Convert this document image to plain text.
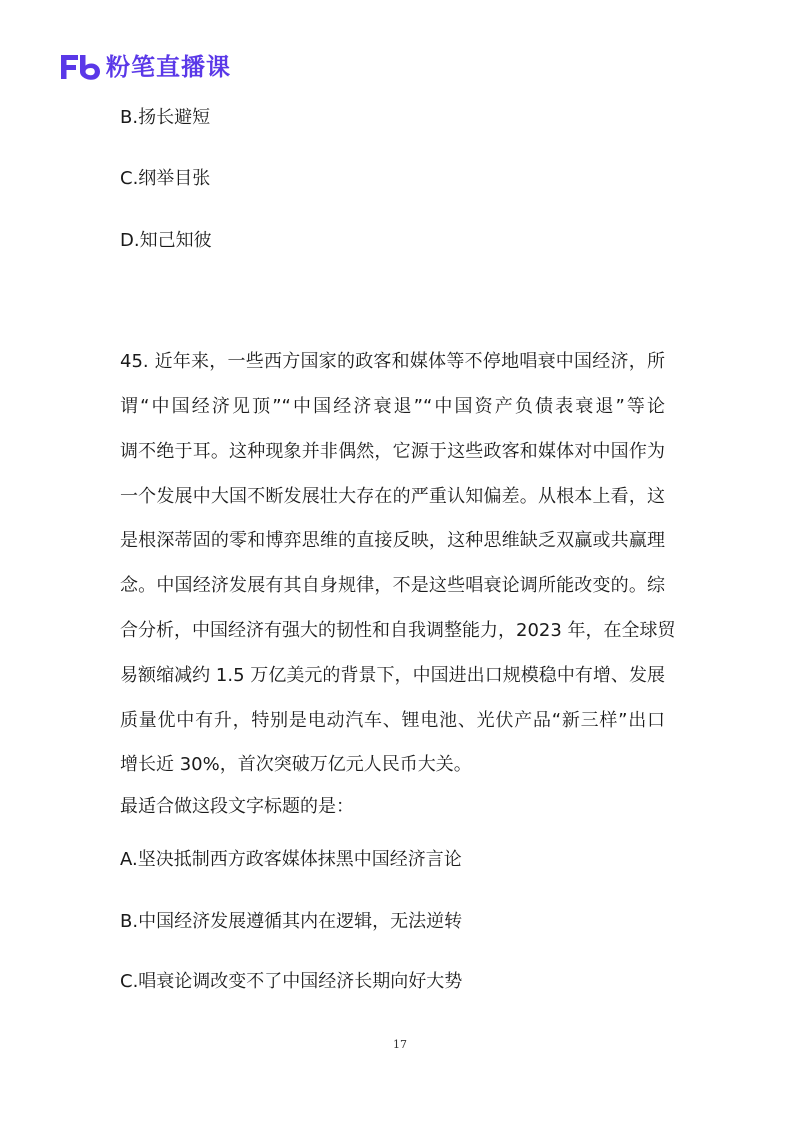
粉笔直播课
B.扬长避短
C.纲举目张
D.知己知彼
45. 近年来，一些西方国家的政客和媒体等不停地唱衰中国经济，所
谓“中国经济见顶”“中国经济衰退”“中国资产负债表衰退”等论
调不绝于耳。这种现象并非偶然，它源于这些政客和媒体对中国作为
一个发展中大国不断发展壮大存在的严重认知偏差。从根本上看，这
是根深蒂固的零和博弈思维的直接反映，这种思维缺乏双赢或共赢理
念。中国经济发展有其自身规律，不是这些唱衰论调所能改变的。综
合分析，中国经济有强大的韧性和自我调整能力，2023 年，在全球贸
易额缩减约 1.5 万亿美元的背景下，中国进出口规模稳中有增、发展
质量优中有升，特别是电动汽车、锂电池、光伏产品“新三样”出口
增长近 30%，首次突破万亿元人民币大关。
最适合做这段文字标题的是：
A.坚决抵制西方政客媒体抹黑中国经济言论
B.中国经济发展遵循其内在逻辑，无法逆转
C.唱衰论调改变不了中国经济长期向好大势
17
